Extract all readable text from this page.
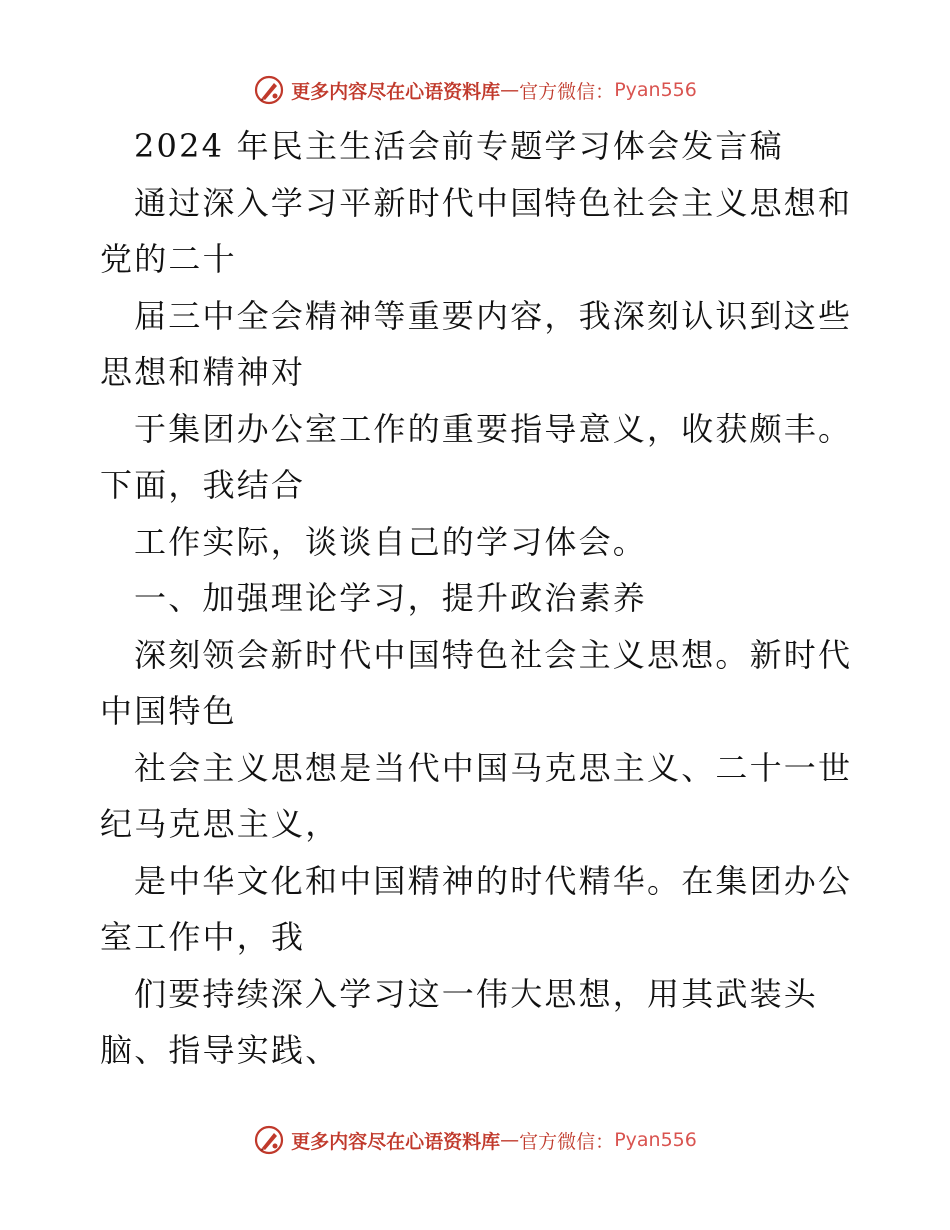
更多内容尽在心语资料库 — 官方微信： Pyan556
2024 年民主生活会前专题学习体会发言稿
通过深入学习平新时代中国特色社会主义思想和
党的二十
届三中全会精神等重要内容，我深刻认识到这些
思想和精神对
于集团办公室工作的重要指导意义，收获颇丰。
下面，我结合
工作实际，谈谈自己的学习体会。
一、加强理论学习，提升政治素养
深刻领会新时代中国特色社会主义思想。新时代
中国特色
社会主义思想是当代中国马克思主义、二十一世
纪马克思主义，
是中华文化和中国精神的时代精华。在集团办公
室工作中，我
们要持续深入学习这一伟大思想，用其武装头
脑、指导实践、
更多内容尽在心语资料库 — 官方微信： Pyan556
